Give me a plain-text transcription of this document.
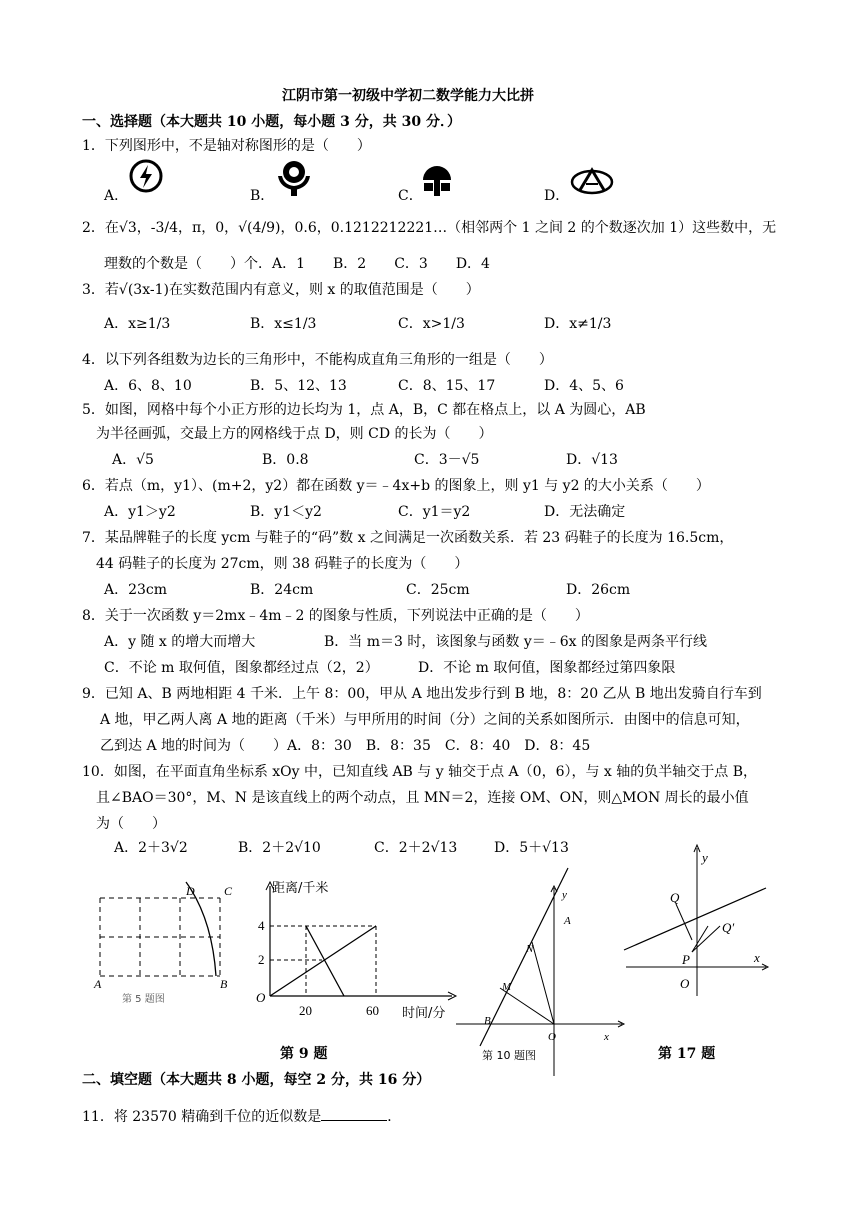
江阴市第一初级中学初二数学能力大比拼
一、选择题（本大题共 10 小题，每小题 3 分，共 30 分．）
1．下列图形中，不是轴对称图形的是（　　）
A．	B．	C．	D．
2．在√3，-3/4，π，0，√(4/9)，0.6，0.1212212221…（相邻两个 1 之间 2 的个数逐次加 1）这些数中，无
理数的个数是（　　）个．A．1　　B．2　　C．3　　D．4
3．若√(3x-1)在实数范围内有意义，则 x 的取值范围是（　　）
A．x≥1/3	B．x≤1/3	C．x>1/3	D．x≠1/3
4．以下列各组数为边长的三角形中，不能构成直角三角形的一组是（　　）
A．6、8、10	B．5、12、13	C．8、15、17	D．4、5、6
5．如图，网格中每个小正方形的边长均为 1，点 A，B，C 都在格点上，以 A 为圆心，AB
为半径画弧，交最上方的网格线于点 D，则 CD 的长为（　　）
A．√5	B．0.8	C．3－√5	D．√13
6．若点（m，y1）、(m+2，y2）都在函数 y＝﹣4x+b 的图象上，则 y1 与 y2 的大小关系（　　）
A．y1＞y2	B．y1＜y2	C．y1＝y2	D．无法确定
7．某品牌鞋子的长度 ycm 与鞋子的“码”数 x 之间满足一次函数关系．若 23 码鞋子的长度为 16.5cm，
44 码鞋子的长度为 27cm，则 38 码鞋子的长度为（　　）
A．23cm	B．24cm	C．25cm	D．26cm
8．关于一次函数 y＝2mx﹣4m﹣2 的图象与性质，下列说法中正确的是（　　）
A．y 随 x 的增大而增大	B．当 m＝3 时，该图象与函数 y＝﹣6x 的图象是两条平行线
C．不论 m 取何值，图象都经过点（2，2）	D．不论 m 取何值，图象都经过第四象限
9．已知 A、B 两地相距 4 千米．上午 8：00，甲从 A 地出发步行到 B 地，8：20 乙从 B 地出发骑自行车到
A 地，甲乙两人离 A 地的距离（千米）与甲所用的时间（分）之间的关系如图所示．由图中的信息可知，
乙到达 A 地的时间为（　　）A．8：30　B．8：35　C．8：40　D．8：45
10．如图，在平面直角坐标系 xOy 中，已知直线 AB 与 y 轴交于点 A（0，6），与 x 轴的负半轴交于点 B，
且∠BAO＝30°，M、N 是该直线上的两个动点，且 MN＝2，连接 OM、ON，则△MON 周长的最小值
为（　　）
A．2＋3√2	B．2＋2√10	C．2＋2√13	D．5＋√13
D C
A	B
第 5 题图
距离/千米
4
2
O
20	60 时间/分
第 9 题
y
A
N
M
B
O	x
第 10 题图
y
Q
Q′
P	x
O
第 17 题
二、填空题（本大题共 8 小题，每空 2 分，共 16 分）
11．将 23570 精确到千位的近似数是	．
